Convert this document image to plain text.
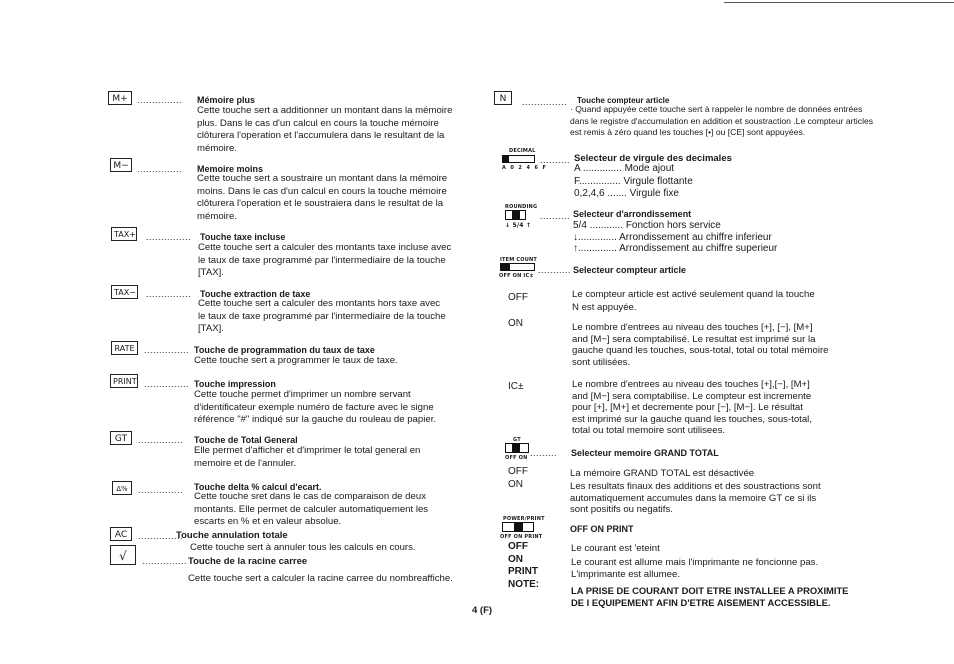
M+	............... Mémoire plus
Cette touche sert a additionner un montant dans la mémoire
plus. Dans le cas d'un calcul en cours la touche mémoire
clôturera l'operation et l'accumulera dans le resultant de la
mémoire.
M− ............... Memoire moins
Cette touche sert a soustraire un montant dans la mémoire
moins. Dans le cas d'un calcul en cours la touche mémoire
clôturera l'operation et le soustraiera dans le resultat de la
mémoire.
TAX+ ............... Touche taxe incluse
Cette touche sert a calculer des montants taxe incluse avec
le taux de taxe programmé par l'intermediaire de la touche
[TAX].
TAX− ............... Touche extraction de taxe
Cette touche sert a calculer des montants hors taxe avec
le taux de taxe programmé par l'intermediaire de la touche
[TAX].
RATE	............... Touche de programmation du taux de taxe
Cette touche sert a programmer le taux de taxe.
PRINT ............... Touche impression
Cette touche permet d'imprimer un nombre servant
d'identificateur exemple numéro de facture avec le signe
référence "#" indiqué sur la gauche du rouleau de papier.
GT	............... Touche de Total General
Elle permet d'afficher et d'imprimer le total general en
memoire et de l'annuler.
Δ%	............... Touche delta % calcul d'ecart.
Cette touche sret dans le cas de comparaison de deux
montants. Elle permet de calculer automatiquement les
escarts en % et en valeur absolue.
AC	...............
Touche annulation totale
Cette touche sert à annuler tous les calculs en cours.
√	............... Touche de la racine carree
Cette touche sert a calculer la racine carree du nombreaffiche.
N	............... Touche compteur article
· Quand appuyée cette touche sert à rappeler le nombre de données entrées
dans le registre d'accumulation en addition et soustraction .Le compteur articles
est remis à zéro quand les touches [•] ou [CE] sont appuyées.
DECIMAL
A 0 2 4 6 F
.......... Selecteur de virgule des decimales
A .............. Mode ajout
F............... Virgule flottante
0,2,4,6 ....... Virgule fixe
ROUNDING
↓ 5/4 ↑
.......... Selecteur d'arrondissement
5/4 ............ Fonction hors service
↓.............. Arrondissement au chiffre inferieur
↑.............. Arrondissement au chiffre superieur
ITEM COUNT
OFF ON IC±
........... Selecteur compteur article
OFF	Le compteur article est activé seulement quand la touche
N est appuyée.
ON	Le nombre d'entrees au niveau des touches [+], [−], [M+]
and [M−] sera comptabilisé. Le resultat est imprimé sur la
gauche quand les touches, sous-total, total ou total mémoire
sont utilisées.
IC±	Le nombre d'entrees au niveau des touches [+],[−], [M+]
and [M−] sera comptabilise. Le compteur est incremente
pour [+], [M+] et decremente pour [−], [M−]. Le résultat
est imprimé sur la gauche quand les touches, sous-total,
total ou total memoire sont utilisees.
GT
OFF ON ......... Selecteur memoire GRAND TOTAL
OFF	La mémoire GRAND TOTAL est désactivée
ON	Les resultats finaux des additions et des soustractions sont
automatiquement accumules dans la memoire GT ce si ils
sont positifs ou negatifs.
POWER/PRINT
OFF ON PRINT
OFF ON PRINT
OFF	Le courant est 'eteint
ON	Le courant est allume mais l'imprimante ne foncionne pas.
PRINT	L'imprimante est allumee.
NOTE:
LA PRISE DE COURANT DOIT ETRE INSTALLEE A PROXIMITE
DE I EQUIPEMENT AFIN D'ETRE AISEMENT ACCESSIBLE.
4 (F)
